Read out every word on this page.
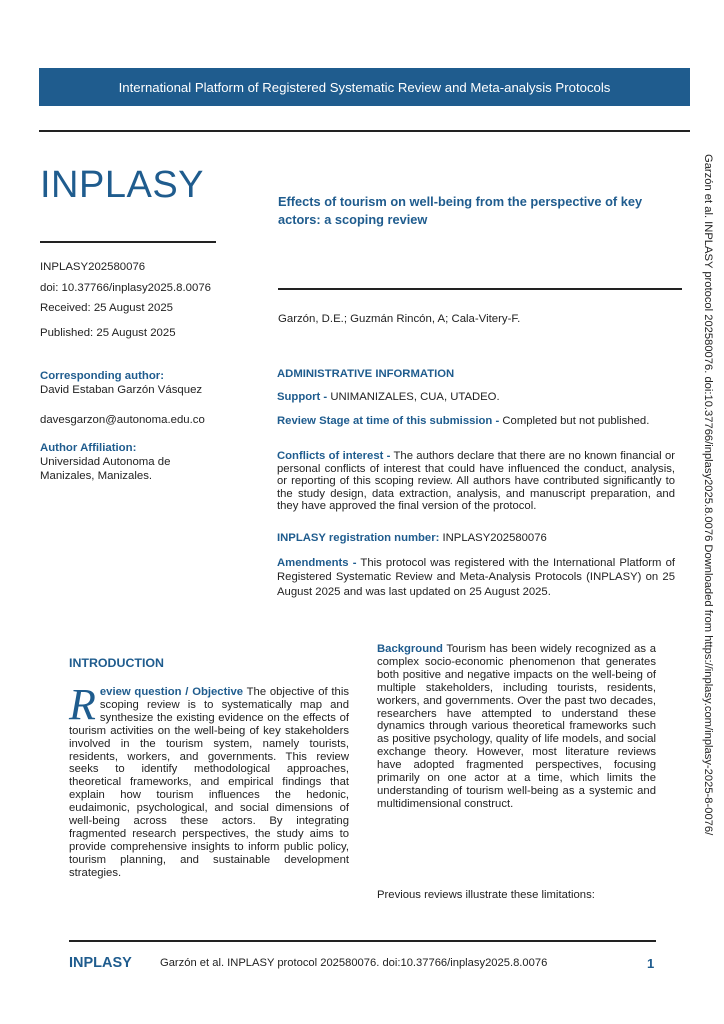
International Platform of Registered Systematic Review and Meta-analysis Protocols
INPLASY
INPLASY202580076
doi: 10.37766/inplasy2025.8.0076
Received: 25 August 2025
Published: 25 August 2025
Corresponding author:
David Estaban Garzón Vásquez
davesgarzon@autonoma.edu.co
Author Affiliation:
Universidad Autonoma de Manizales, Manizales.
Effects of tourism on well-being from the perspective of key actors: a scoping review
Garzón, D.E.; Guzmán Rincón, A; Cala-Vitery-F.
ADMINISTRATIVE INFORMATION
Support - UNIMANIZALES, CUA, UTADEO.
Review Stage at time of this submission - Completed but not published.
Conflicts of interest - The authors declare that there are no known financial or personal conflicts of interest that could have influenced the conduct, analysis, or reporting of this scoping review. All authors have contributed significantly to the study design, data extraction, analysis, and manuscript preparation, and they have approved the final version of the protocol.
INPLASY registration number: INPLASY202580076
Amendments - This protocol was registered with the International Platform of Registered Systematic Review and Meta-Analysis Protocols (INPLASY) on 25 August 2025 and was last updated on 25 August 2025.	Garzón et al. INPLASY protocol 202580076. doi:10.37766/inplasy2025.8.0076 Downloaded from https://inplasy.com/inplasy-2025-8-0076/
INTRODUCTION
Review question / Objective The objective of this scoping review is to systematically map and synthesize the existing evidence on the effects of tourism activities on the well-being of key stakeholders involved in the tourism system, namely tourists, residents, workers, and governments. This review seeks to identify methodological approaches, theoretical frameworks, and empirical findings that explain how tourism influences the hedonic, eudaimonic, psychological, and social dimensions of well-being across these actors. By integrating fragmented research perspectives, the study aims to provide comprehensive insights to inform public policy, tourism planning, and sustainable development strategies.
Background Tourism has been widely recognized as a complex socio-economic phenomenon that generates both positive and negative impacts on the well-being of multiple stakeholders, including tourists, residents, workers, and governments. Over the past two decades, researchers have attempted to understand these dynamics through various theoretical frameworks such as positive psychology, quality of life models, and social exchange theory. However, most literature reviews have adopted fragmented perspectives, focusing primarily on one actor at a time, which limits the understanding of tourism well-being as a systemic and multidimensional construct.
Previous reviews illustrate these limitations:
INPLASY	Garzón et al. INPLASY protocol 202580076. doi:10.37766/inplasy2025.8.0076	1
